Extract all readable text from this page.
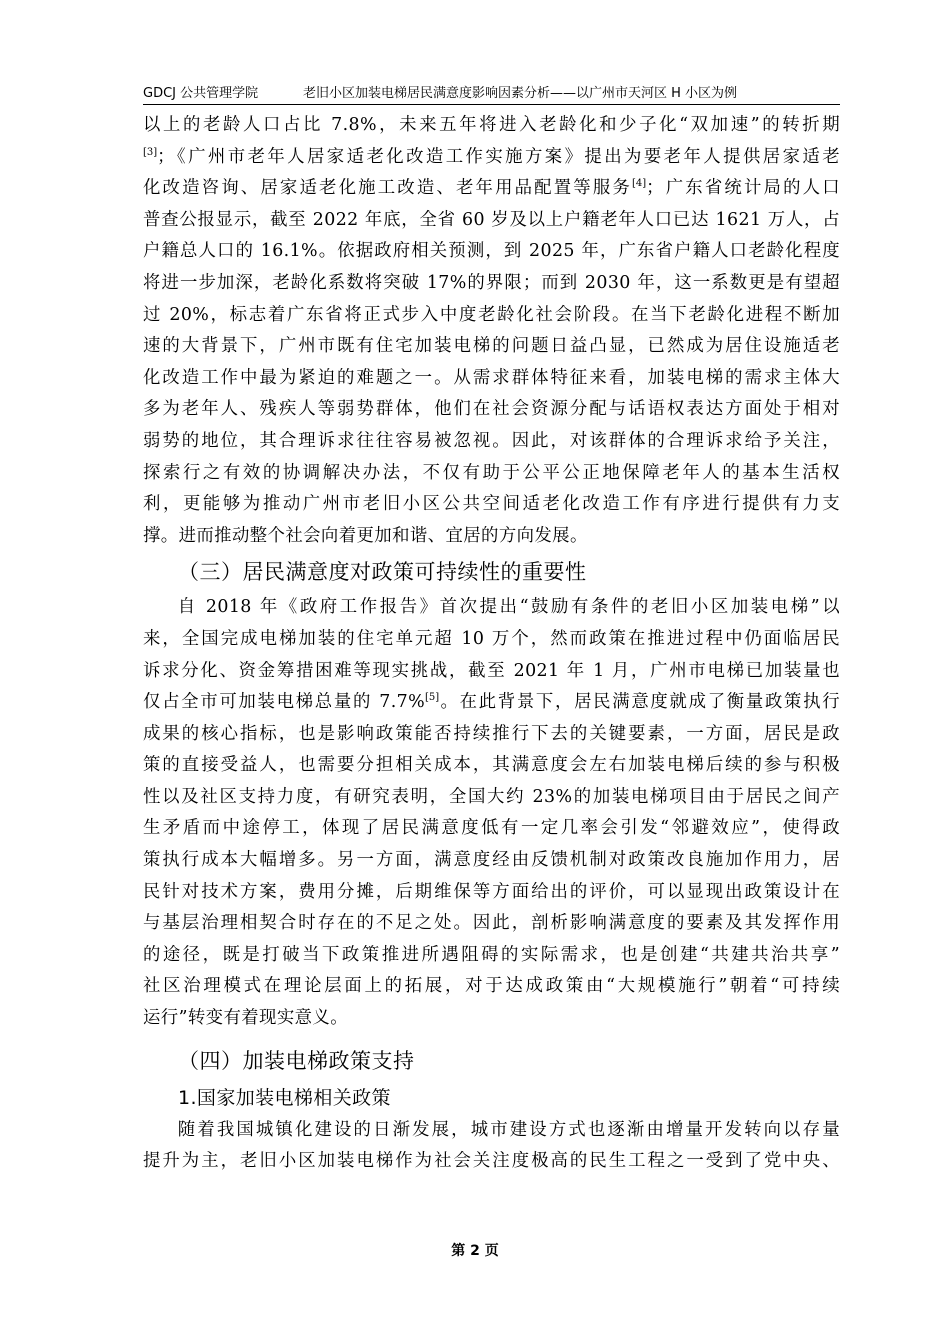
GDCJ 公共管理学院	老旧小区加装电梯居民满意度影响因素分析——以广州市天河区 H 小区为例

以上的老龄人口占比 7.8%，未来五年将进入老龄化和少子化“双加速”的转折期

[3]；《广州市老年人居家适老化改造工作实施方案》提出为要老年人提供居家适老

化改造咨询、居家适老化施工改造、老年用品配置等服务[4]；广东省统计局的人口

普查公报显示，截至 2022 年底，全省 60 岁及以上户籍老年人口已达 1621 万人，占

户籍总人口的 16.1%。依据政府相关预测，到 2025 年，广东省户籍人口老龄化程度

将进一步加深，老龄化系数将突破 17%的界限；而到 2030 年，这一系数更是有望超

过 20%，标志着广东省将正式步入中度老龄化社会阶段。在当下老龄化进程不断加

速的大背景下，广州市既有住宅加装电梯的问题日益凸显，已然成为居住设施适老

化改造工作中最为紧迫的难题之一。从需求群体特征来看，加装电梯的需求主体大

多为老年人、残疾人等弱势群体，他们在社会资源分配与话语权表达方面处于相对

弱势的地位，其合理诉求往往容易被忽视。因此，对该群体的合理诉求给予关注，

探索行之有效的协调解决办法，不仅有助于公平公正地保障老年人的基本生活权

利，更能够为推动广州市老旧小区公共空间适老化改造工作有序进行提供有力支

撑。进而推动整个社会向着更加和谐、宜居的方向发展。

（三）居民满意度对政策可持续性的重要性

自 2018 年《政府工作报告》首次提出“鼓励有条件的老旧小区加装电梯”以

来，全国完成电梯加装的住宅单元超 10 万个，然而政策在推进过程中仍面临居民

诉求分化、资金筹措困难等现实挑战，截至 2021 年 1 月，广州市电梯已加装量也

仅占全市可加装电梯总量的 7.7%[5]。在此背景下，居民满意度就成了衡量政策执行

成果的核心指标，也是影响政策能否持续推行下去的关键要素，一方面，居民是政

策的直接受益人，也需要分担相关成本，其满意度会左右加装电梯后续的参与积极

性以及社区支持力度，有研究表明，全国大约 23%的加装电梯项目由于居民之间产

生矛盾而中途停工，体现了居民满意度低有一定几率会引发“邻避效应”，使得政

策执行成本大幅增多。另一方面，满意度经由反馈机制对政策改良施加作用力，居

民针对技术方案，费用分摊，后期维保等方面给出的评价，可以显现出政策设计在

与基层治理相契合时存在的不足之处。因此，剖析影响满意度的要素及其发挥作用

的途径，既是打破当下政策推进所遇阻碍的实际需求，也是创建“共建共治共享”

社区治理模式在理论层面上的拓展，对于达成政策由“大规模施行”朝着“可持续

运行”转变有着现实意义。

（四）加装电梯政策支持
1.国家加装电梯相关政策

随着我国城镇化建设的日渐发展，城市建设方式也逐渐由增量开发转向以存量

提升为主，老旧小区加装电梯作为社会关注度极高的民生工程之一受到了党中央、

第 2 页
